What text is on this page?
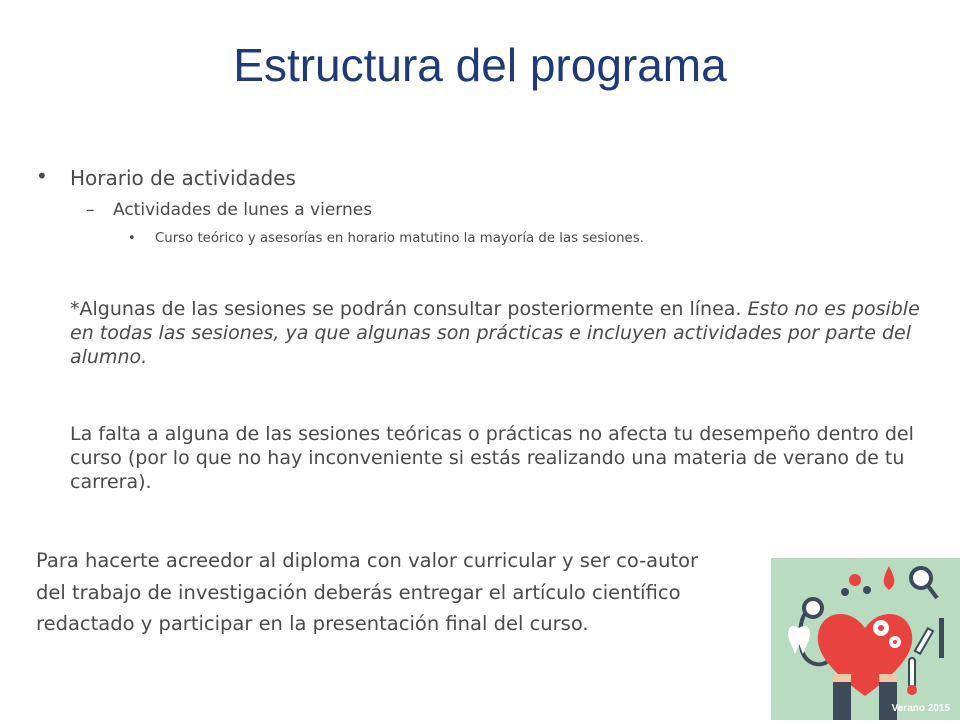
Estructura del programa
• Horario de actividades
– Actividades de lunes a viernes
• Curso teórico y asesorías en horario matutino la mayoría de las sesiones.
*Algunas de las sesiones se podrán consultar posteriormente en línea. Esto no es posible en todas las sesiones, ya que algunas son prácticas e incluyen actividades por parte del alumno.
La falta a alguna de las sesiones teóricas o prácticas no afecta tu desempeño dentro del curso (por lo que no hay inconveniente si estás realizando una materia de verano de tu carrera).
Para hacerte acreedor al diploma con valor curricular y ser co-autor
del trabajo de investigación deberás entregar el artículo científico
redactado y participar en la presentación final del curso.
Verano 2015
